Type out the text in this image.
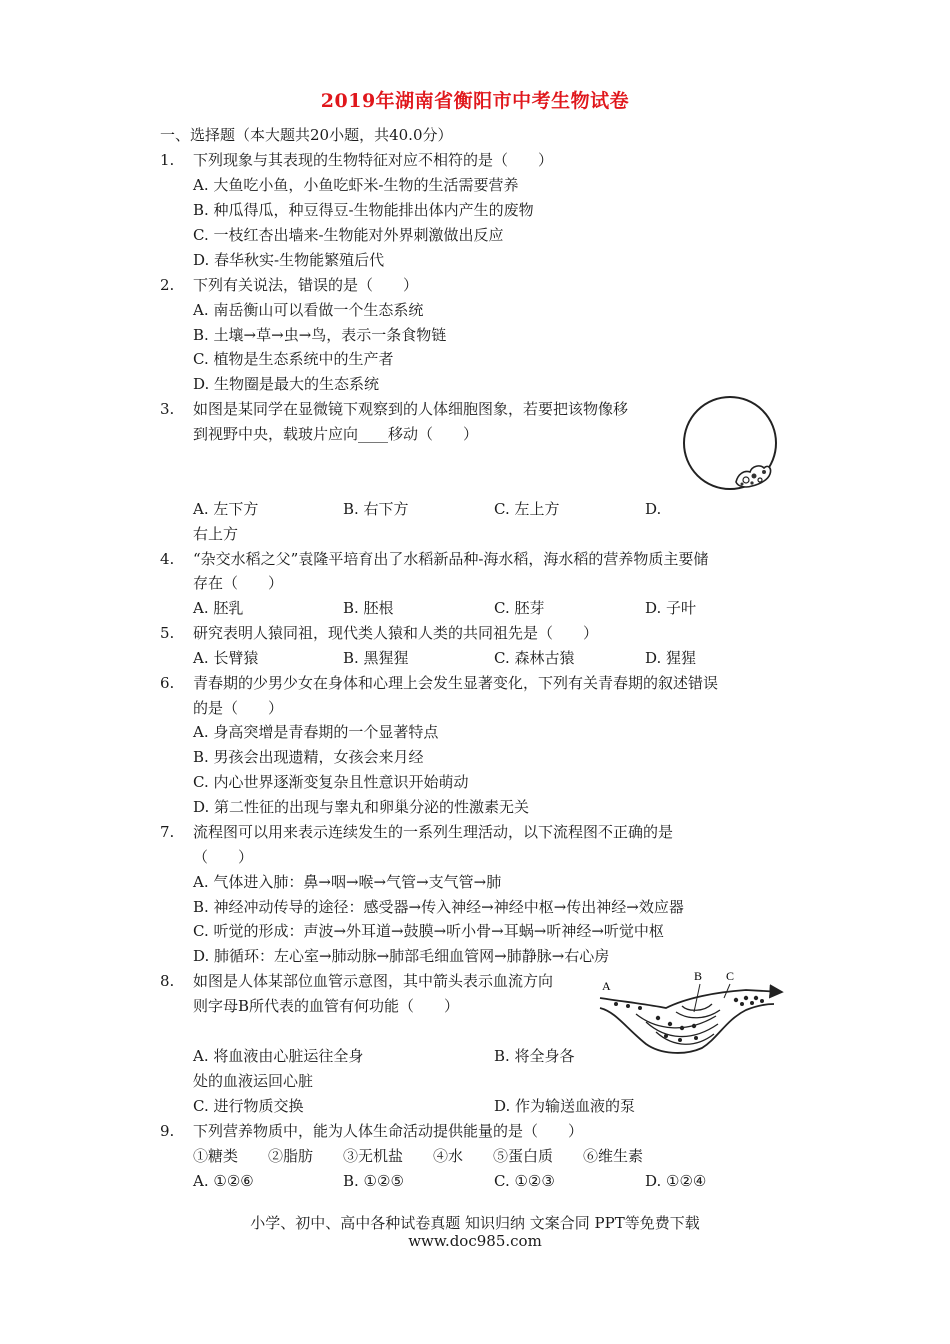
2019年湖南省衡阳市中考生物试卷
一、选择题（本大题共20小题，共40.0分）
1. 下列现象与其表现的生物特征对应不相符的是（　　）
A. 大鱼吃小鱼，小鱼吃虾米-生物的生活需要营养
B. 种瓜得瓜，种豆得豆-生物能排出体内产生的废物
C. 一枝红杏出墙来-生物能对外界刺激做出反应
D. 春华秋实-生物能繁殖后代
2. 下列有关说法，错误的是（　　）
A. 南岳衡山可以看做一个生态系统
B. 土壤→草→虫→鸟，表示一条食物链
C. 植物是生态系统中的生产者
D. 生物圈是最大的生态系统
3. 如图是某同学在显微镜下观察到的人体细胞图象，若要把该物像移
到视野中央，载玻片应向____移动（　　）
A. 左下方	B. 右下方	C. 左上方	D.
右上方
4. “杂交水稻之父”袁隆平培育出了水稻新品种-海水稻，海水稻的营养物质主要储
存在（　　）
A. 胚乳	B. 胚根	C. 胚芽	D. 子叶
5. 研究表明人猿同祖，现代类人猿和人类的共同祖先是（　　）
A. 长臂猿	B. 黑猩猩	C. 森林古猿	D. 猩猩
6. 青春期的少男少女在身体和心理上会发生显著变化，下列有关青春期的叙述错误
的是（　　）
A. 身高突增是青春期的一个显著特点
B. 男孩会出现遗精，女孩会来月经
C. 内心世界逐渐变复杂且性意识开始萌动
D. 第二性征的出现与睾丸和卵巢分泌的性激素无关
7. 流程图可以用来表示连续发生的一系列生理活动，以下流程图不正确的是
（　　）
A. 气体进入肺：鼻→咽→喉→气管→支气管→肺
B. 神经冲动传导的途径：感受器→传入神经→神经中枢→传出神经→效应器
C. 听觉的形成：声波→外耳道→鼓膜→听小骨→耳蜗→听神经→听觉中枢
D. 肺循环：左心室→肺动脉→肺部毛细血管网→肺静脉→右心房
8. 如图是人体某部位血管示意图，其中箭头表示血流方向
则字母B所代表的血管有何功能（　　）
A
B C
A. 将血液由心脏运往全身	B. 将全身各
处的血液运回心脏
C. 进行物质交换	D. 作为输送血液的泵
9. 下列营养物质中，能为人体生命活动提供能量的是（　　）
①糖类　　②脂肪　　③无机盐　　④水　　⑤蛋白质　　⑥维生素
A. ①②⑥	B. ①②⑤	C. ①②③	D. ①②④
小学、初中、高中各种试卷真题 知识归纳 文案合同 PPT等免费下载
www.doc985.com
